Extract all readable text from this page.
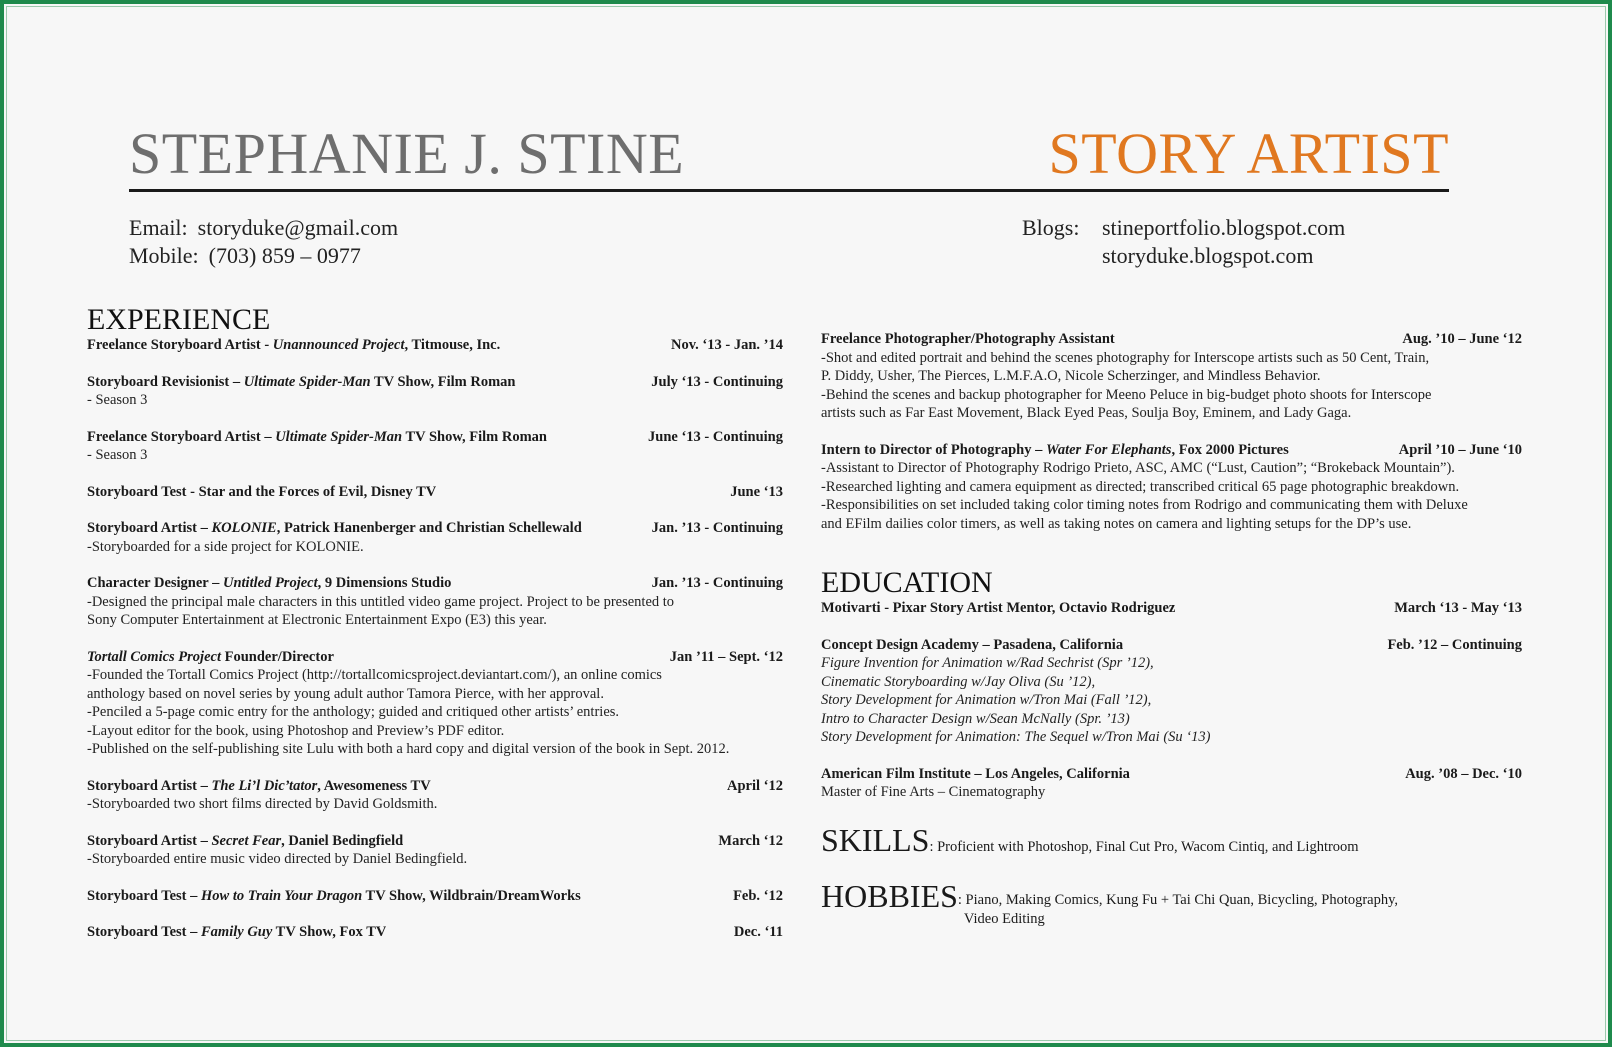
STEPHANIE J. STINE	STORY ARTIST
Email: storyduke@gmail.com
Mobile: (703) 859 – 0977
Blogs:	stineportfolio.blogspot.com
storyduke.blogspot.com
EXPERIENCE
Freelance Storyboard Artist - Unannounced Project, Titmouse, Inc.	Nov. ‘13 - Jan. ’14
Storyboard Revisionist – Ultimate Spider-Man TV Show, Film Roman	July ‘13 - Continuing
- Season 3
Freelance Storyboard Artist – Ultimate Spider-Man TV Show, Film Roman	June ‘13 - Continuing
- Season 3
Storyboard Test - Star and the Forces of Evil, Disney TV	June ‘13
Storyboard Artist – KOLONIE, Patrick Hanenberger and Christian Schellewald	Jan. ’13 - Continuing
-Storyboarded for a side project for KOLONIE.
Character Designer – Untitled Project, 9 Dimensions Studio	Jan. ’13 - Continuing
-Designed the principal male characters in this untitled video game project. Project to be presented to
Sony Computer Entertainment at Electronic Entertainment Expo (E3) this year.
Tortall Comics Project Founder/Director	Jan ’11 – Sept. ‘12
-Founded the Tortall Comics Project (http://tortallcomicsproject.deviantart.com/), an online comics
anthology based on novel series by young adult author Tamora Pierce, with her approval.
-Penciled a 5-page comic entry for the anthology; guided and critiqued other artists’ entries.
-Layout editor for the book, using Photoshop and Preview’s PDF editor.
-Published on the self-publishing site Lulu with both a hard copy and digital version of the book in Sept. 2012.
Storyboard Artist – The Li’l Dic’tator, Awesomeness TV	April ‘12
-Storyboarded two short films directed by David Goldsmith.
Storyboard Artist – Secret Fear, Daniel Bedingfield	March ‘12
-Storyboarded entire music video directed by Daniel Bedingfield.
Storyboard Test – How to Train Your Dragon TV Show, Wildbrain/DreamWorks	Feb. ‘12
Storyboard Test – Family Guy TV Show, Fox TV	Dec. ‘11
Freelance Photographer/Photography Assistant	Aug. ’10 – June ‘12
-Shot and edited portrait and behind the scenes photography for Interscope artists such as 50 Cent, Train,
P. Diddy, Usher, The Pierces, L.M.F.A.O, Nicole Scherzinger, and Mindless Behavior.
-Behind the scenes and backup photographer for Meeno Peluce in big-budget photo shoots for Interscope
artists such as Far East Movement, Black Eyed Peas, Soulja Boy, Eminem, and Lady Gaga.
Intern to Director of Photography – Water For Elephants, Fox 2000 Pictures	April ’10 – June ‘10
-Assistant to Director of Photography Rodrigo Prieto, ASC, AMC (“Lust, Caution”; “Brokeback Mountain”).
-Researched lighting and camera equipment as directed; transcribed critical 65 page photographic breakdown.
-Responsibilities on set included taking color timing notes from Rodrigo and communicating them with Deluxe
and EFilm dailies color timers, as well as taking notes on camera and lighting setups for the DP’s use.
EDUCATION
Motivarti - Pixar Story Artist Mentor, Octavio Rodriguez	March ‘13 - May ‘13
Concept Design Academy – Pasadena, California	Feb. ’12 – Continuing
Figure Invention for Animation w/Rad Sechrist (Spr ’12),
Cinematic Storyboarding w/Jay Oliva (Su ’12),
Story Development for Animation w/Tron Mai (Fall ’12),
Intro to Character Design w/Sean McNally (Spr. ’13)
Story Development for Animation: The Sequel w/Tron Mai (Su ‘13)
American Film Institute – Los Angeles, California	Aug. ’08 – Dec. ‘10
Master of Fine Arts – Cinematography
SKILLS: Proficient with Photoshop, Final Cut Pro, Wacom Cintiq, and Lightroom
HOBBIES : Piano, Making Comics, Kung Fu + Tai Chi Quan, Bicycling, Photography,
Video Editing
